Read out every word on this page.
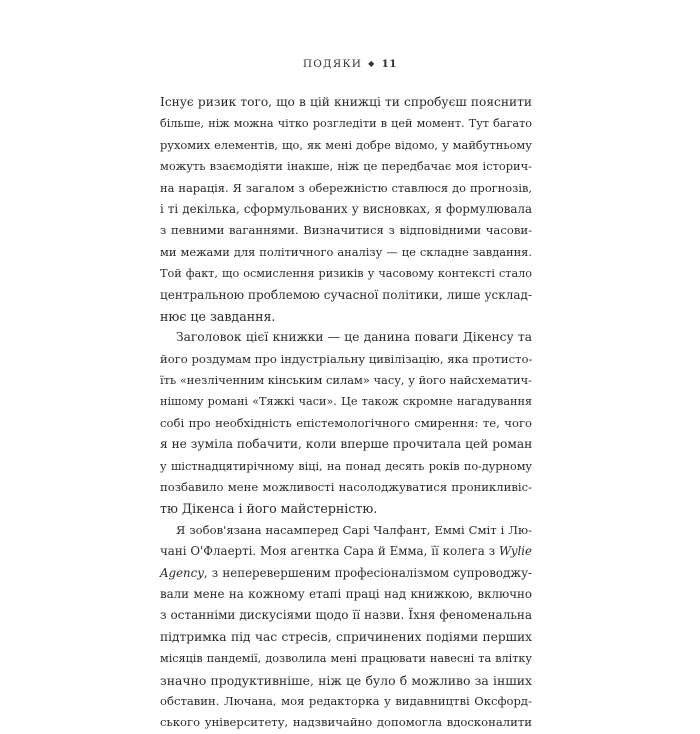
ПОДЯКИ ◆ 11
Існує ризик того, що в цій книжці ти спробуєш пояснити
більше, ніж можна чітко розгледіти в цей момент. Тут багато
рухомих елементів, що, як мені добре відомо, у майбутньому
можуть взаємодіяти інакше, ніж це передбачає моя історич-
на нарація. Я загалом з обережністю ставлюся до прогнозів,
і ті декілька, сформульованих у висновках, я формулювала
з певними ваганнями. Визначитися з відповідними часови-
ми межами для політичного аналізу — це складне завдання.
Той факт, що осмислення ризиків у часовому контексті стало
центральною проблемою сучасної політики, лише усклад-
нює це завдання.
Заголовок цієї книжки — це данина поваги Дікенсу та
його роздумам про індустріальну цивілізацію, яка протисто-
їть «незліченним кінським силам» часу, у його найсхематич-
нішому романі «Тяжкі часи». Це також скромне нагадування
собі про необхідність епістемологічного смирення: те, чого
я не зуміла побачити, коли вперше прочитала цей роман
у шістнадцятирічному віці, на понад десять років по-дурному
позбавило мене можливості насолоджуватися проникливіс-
тю Дікенса і його майстерністю.
Я зобов'язана насамперед Сарі Чалфант, Еммі Сміт і Лю-
чані О'Флаерті. Моя агентка Сара й Емма, її колега з Wylie
Agency, з неперевершеним професіоналізмом супроводжу-
вали мене на кожному етапі праці над книжкою, включно
з останніми дискусіями щодо її назви. Їхня феноменальна
підтримка під час стресів, спричинених подіями перших
місяців пандемії, дозволила мені працювати навесні та влітку
значно продуктивніше, ніж це було б можливо за інших
обставин. Лючана, моя редакторка у видавництві Оксфорд-
ського університету, надзвичайно допомогла вдосконалити
